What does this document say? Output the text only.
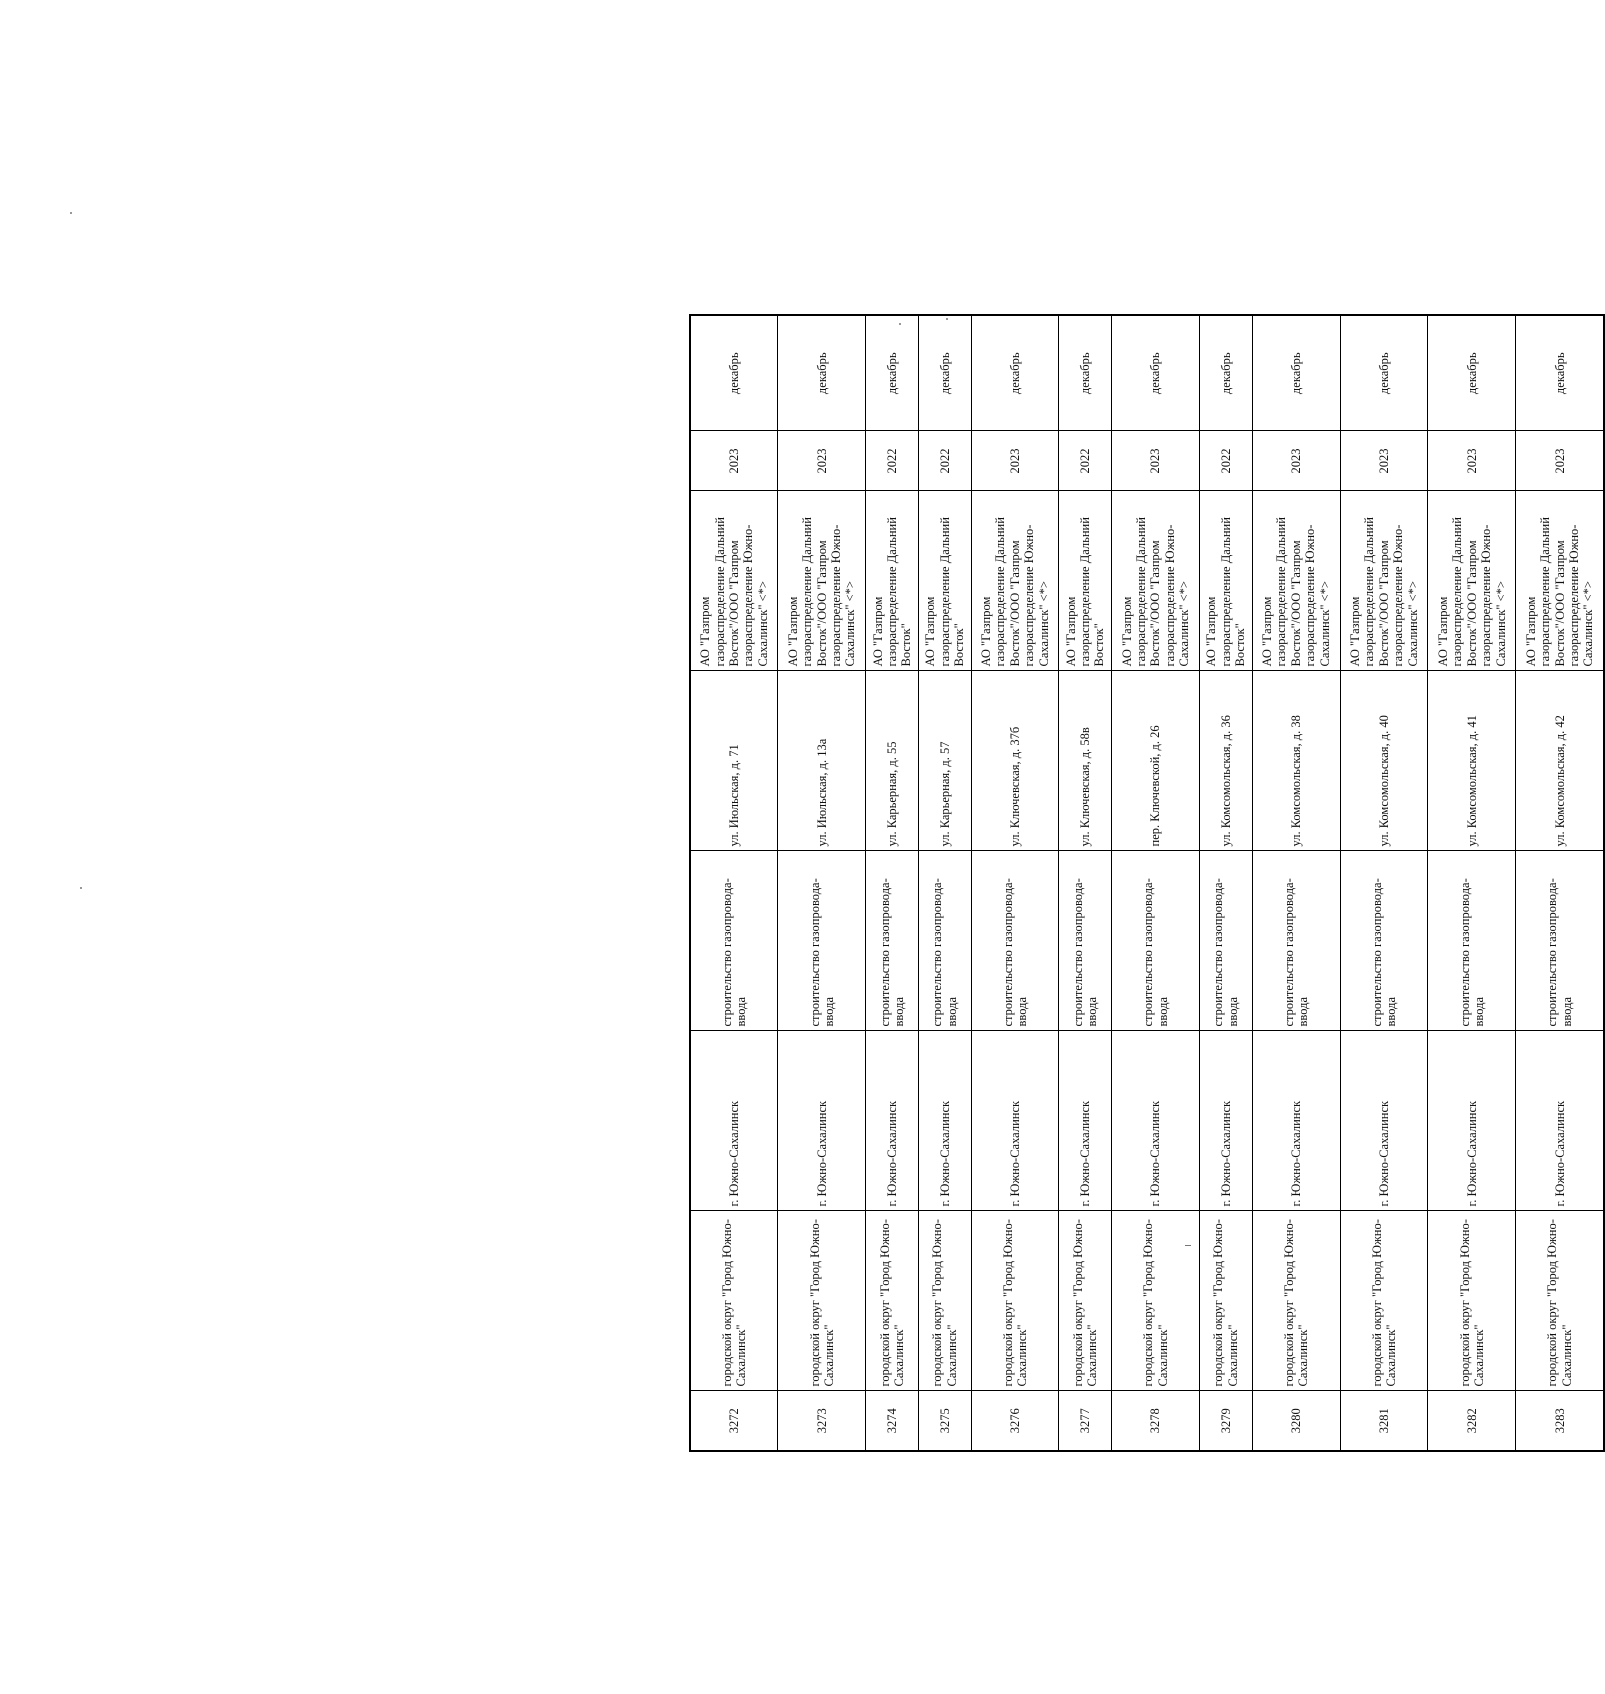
3272	городской округ "Город Южно-Сахалинск"	г. Южно-Сахалинск	строительство газопровода-ввода	ул. Июльская, д. 71	АО "Газпром газораспределение Дальний Восток"/ООО "Газпром газораспределение Южно-Сахалинск" <*>	2023	декабрь
3273	городской округ "Город Южно-Сахалинск"	г. Южно-Сахалинск	строительство газопровода-ввода	ул. Июльская, д. 13а	АО "Газпром газораспределение Дальний Восток"/ООО "Газпром газораспределение Южно-Сахалинск" <*>	2023	декабрь
3274	городской округ "Город Южно-Сахалинск"	г. Южно-Сахалинск	строительство газопровода-ввода	ул. Карьерная, д. 55	АО "Газпром газораспределение Дальний Восток"	2022	декабрь
3275	городской округ "Город Южно-Сахалинск"	г. Южно-Сахалинск	строительство газопровода-ввода	ул. Карьерная, д. 57	АО "Газпром газораспределение Дальний Восток"	2022	декабрь
3276	городской округ "Город Южно-Сахалинск"	г. Южно-Сахалинск	строительство газопровода-ввода	ул. Ключевская, д. 37б	АО "Газпром газораспределение Дальний Восток"/ООО "Газпром газораспределение Южно-Сахалинск" <*>	2023	декабрь
3277	городской округ "Город Южно-Сахалинск"	г. Южно-Сахалинск	строительство газопровода-ввода	ул. Ключевская, д. 58в	АО "Газпром газораспределение Дальний Восток"	2022	декабрь
3278	городской округ "Город Южно-Сахалинск"	г. Южно-Сахалинск	строительство газопровода-ввода	пер. Ключевской, д. 26	АО "Газпром газораспределение Дальний Восток"/ООО "Газпром газораспределение Южно-Сахалинск" <*>	2023	декабрь
3279	городской округ "Город Южно-Сахалинск"	г. Южно-Сахалинск	строительство газопровода-ввода	ул. Комсомольская, д. 36	АО "Газпром газораспределение Дальний Восток"	2022	декабрь
3280	городской округ "Город Южно-Сахалинск"	г. Южно-Сахалинск	строительство газопровода-ввода	ул. Комсомольская, д. 38	АО "Газпром газораспределение Дальний Восток"/ООО "Газпром газораспределение Южно-Сахалинск" <*>	2023	декабрь
3281	городской округ "Город Южно-Сахалинск"	г. Южно-Сахалинск	строительство газопровода-ввода	ул. Комсомольская, д. 40	АО "Газпром газораспределение Дальний Восток"/ООО "Газпром газораспределение Южно-Сахалинск" <*>	2023	декабрь
3282	городской округ "Город Южно-Сахалинск"	г. Южно-Сахалинск	строительство газопровода-ввода	ул. Комсомольская, д. 41	АО "Газпром газораспределение Дальний Восток"/ООО "Газпром газораспределение Южно-Сахалинск" <*>	2023	декабрь
3283	городской округ "Город Южно-Сахалинск"	г. Южно-Сахалинск	строительство газопровода-ввода	ул. Комсомольская, д. 42	АО "Газпром газораспределение Дальний Восток"/ООО "Газпром газораспределение Южно-Сахалинск" <*>	2023	декабрь
